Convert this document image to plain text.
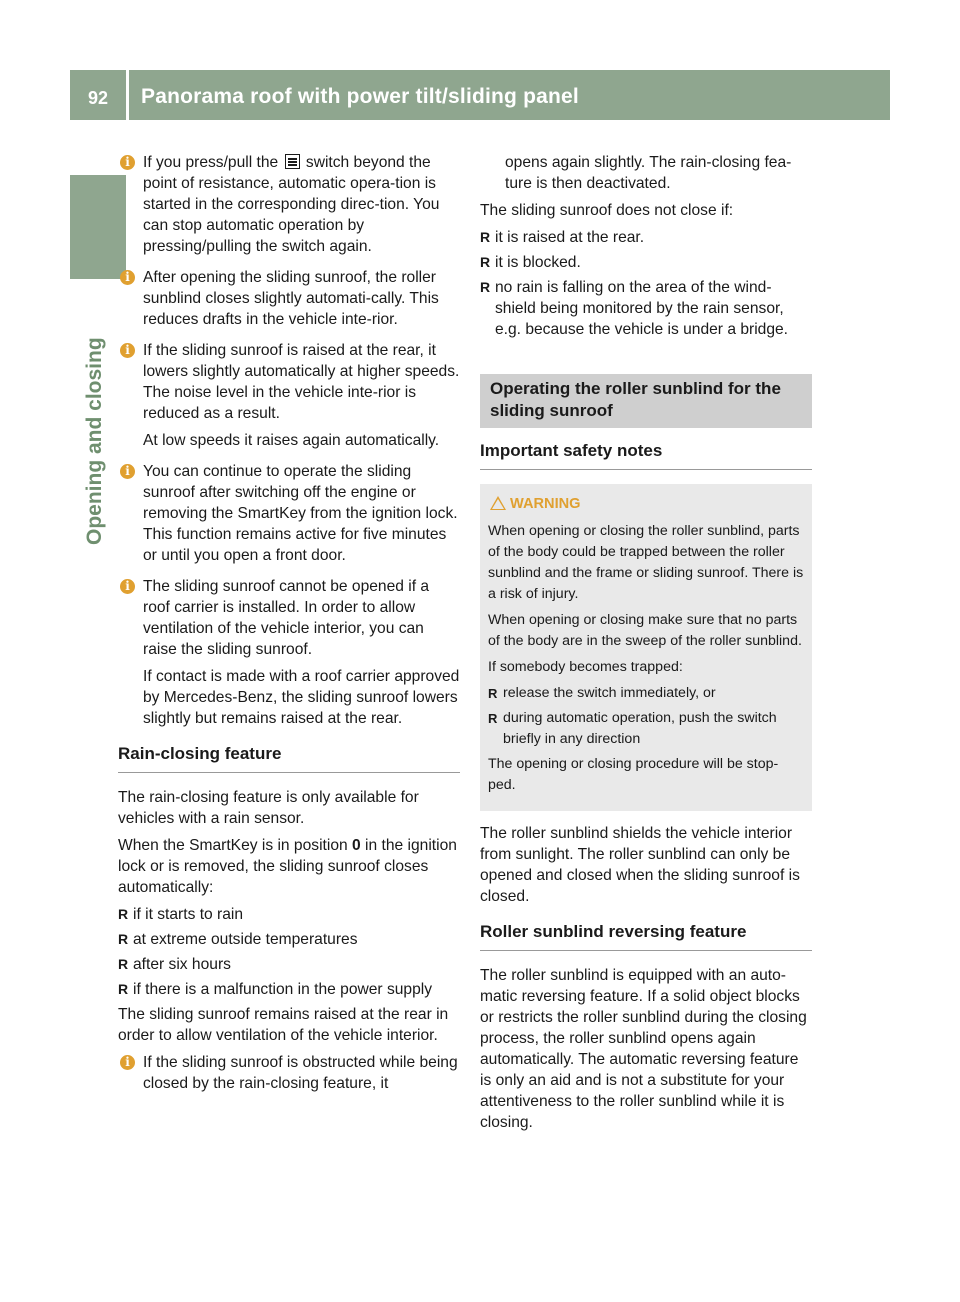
92	Panorama roof with power tilt/sliding panel
Opening and closing
i If you press/pull the  switch beyond the point of resistance, automatic opera-tion is started in the corresponding direc-tion. You can stop automatic operation by pressing/pulling the switch again.

i After opening the sliding sunroof, the roller sunblind closes slightly automati-cally. This reduces drafts in the vehicle inte-rior.

i If the sliding sunroof is raised at the rear, it lowers slightly automatically at higher speeds. The noise level in the vehicle inte-rior is reduced as a result.

At low speeds it raises again automatically.

i You can continue to operate the sliding sunroof after switching off the engine or removing the SmartKey from the ignition lock. This function remains active for five minutes or until you open a front door.

i The sliding sunroof cannot be opened if a roof carrier is installed. In order to allow ventilation of the vehicle interior, you can raise the sliding sunroof.

If contact is made with a roof carrier approved by Mercedes-Benz, the sliding sunroof lowers slightly but remains raised at the rear.

Rain-closing feature

The rain-closing feature is only available for vehicles with a rain sensor.

When the SmartKey is in position 0 in the ignition lock or is removed, the sliding sunroof closes automatically:

R if it starts to rain
R at extreme outside temperatures
R after six hours
R if there is a malfunction in the power supply

The sliding sunroof remains raised at the rear in order to allow ventilation of the vehicle interior.

i If the sliding sunroof is obstructed while being closed by the rain-closing feature, it

opens again slightly. The rain-closing fea-ture is then deactivated.

The sliding sunroof does not close if:

R it is raised at the rear.
R it is blocked.
R no rain is falling on the area of the wind-shield being monitored by the rain sensor, e.g. because the vehicle is under a bridge.
Operating the roller sunblind for the sliding sunroof
Important safety notes
WARNING

When opening or closing the roller sunblind, parts of the body could be trapped between the roller sunblind and the frame or sliding sunroof. There is a risk of injury.

When opening or closing make sure that no parts of the body are in the sweep of the roller sunblind.

If somebody becomes trapped:

R release the switch immediately, or
R during automatic operation, push the switch briefly in any direction

The opening or closing procedure will be stop-ped.

The roller sunblind shields the vehicle interior from sunlight. The roller sunblind can only be opened and closed when the sliding sunroof is closed.

Roller sunblind reversing feature

The roller sunblind is equipped with an auto-matic reversing feature. If a solid object blocks or restricts the roller sunblind during the closing process, the roller sunblind opens again automatically. The automatic reversing feature is only an aid and is not a substitute for your attentiveness to the roller sunblind while it is closing.
